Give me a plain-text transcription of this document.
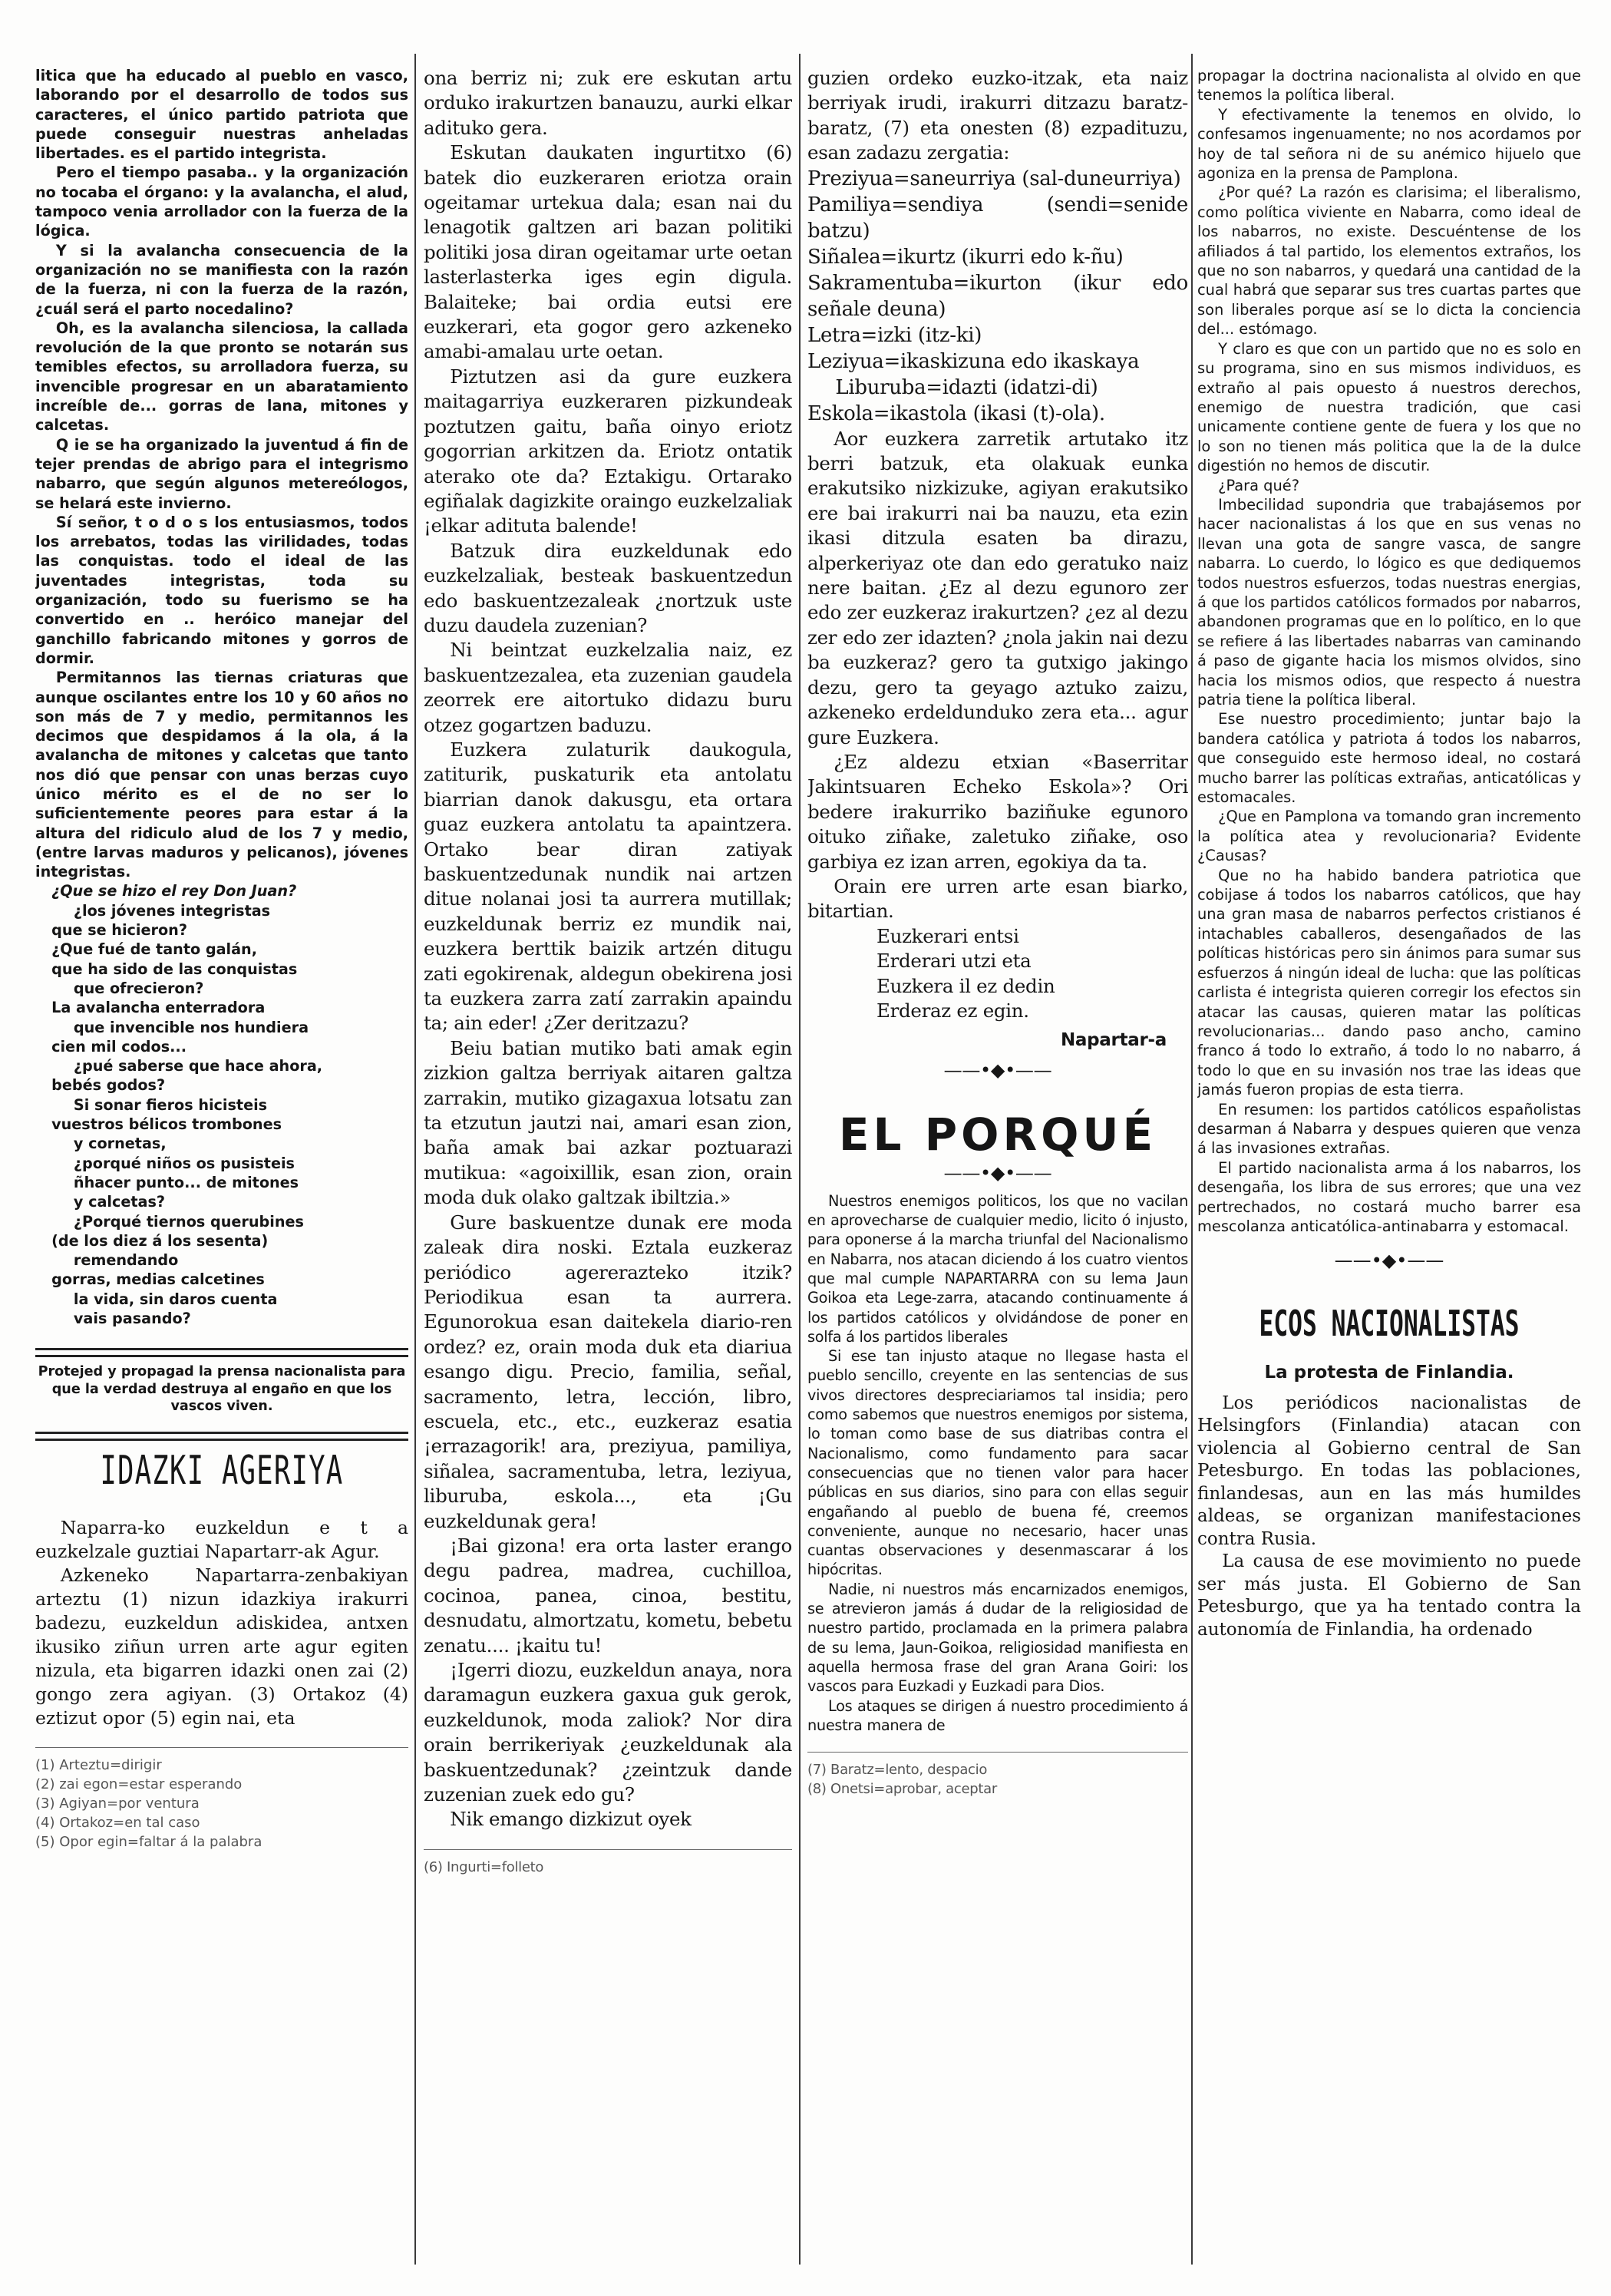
litica que ha educado al pueblo en vasco, laborando por el desarrollo de todos sus caracteres, el único partido patriota que puede conseguir nuestras anheladas libertades. es el partido integrista.

Pero el tiempo pasaba.. y la organización no tocaba el órgano: y la avalancha, el alud, tampoco venia arrollador con la fuerza de la lógica.

Y si la avalancha consecuencia de la organización no se manifiesta con la razón de la fuerza, ni con la fuerza de la razón, ¿cuál será el parto nocedalino?

Oh, es la avalancha silenciosa, la callada revolución de la que pronto se notarán sus temibles efectos, su arrolladora fuerza, su invencible progresar en un abaratamiento increíble de... gorras de lana, mitones y calcetas.

Q ie se ha organizado la juventud á fin de tejer prendas de abrigo para el integrismo nabarro, que según algunos metereólogos, se helará este invierno.

Sí señor, t o d o s los entusiasmos, todos los arrebatos, todas las virilidades, todas las conquistas. todo el ideal de las juventades integristas, toda su organización, todo su fuerismo se ha convertido en .. heróico manejar del ganchillo fabricando mitones y gorros de dormir.

Permitannos las tiernas criaturas que aunque oscilantes entre los 10 y 60 años no son más de 7 y medio, permitannos les decimos que despidamos á la ola, á la avalancha de mitones y calcetas que tanto nos dió que pensar con unas berzas cuyo único mérito es el de no ser lo suficientemente peores para estar á la altura del ridiculo alud de los 7 y medio, (entre larvas maduros y pelicanos), jóvenes integristas.

¿Que se hizo el rey Don Juan?

¿los jóvenes integristas

que se hicieron?

¿Que fué de tanto galán,

que ha sido de las conquistas

que ofrecieron?

La avalancha enterradora

que invencible nos hundiera

cien mil codos...

¿pué saberse que hace ahora,

bebés godos?

Si sonar fieros hicisteis

vuestros bélicos trombones

y cornetas,

¿porqué niños os pusisteis

ñhacer punto... de mitones

y calcetas?

¿Porqué tiernos querubines

(de los diez á los sesenta)

remendando

gorras, medias calcetines

la vida, sin daros cuenta

vais pasando?

Protejed y propagad la prensa nacionalista para que la verdad destruya al engaño en que los vascos viven.

IDAZKI AGERIYA

Naparra-ko euzkeldun e t a euzkelzale guztiai Napartarr-ak Agur.

Azkeneko Napartarra-zenbakiyan arteztu (1) nizun idazkiya irakurri badezu, euzkeldun adiskidea, antxen ikusiko ziñun urren arte agur egiten nizula, eta bigarren idazki onen zai (2) gongo zera agiyan. (3) Ortakoz (4) eztizut opor (5) egin nai, eta

(1) Arteztu=dirigir

(2) zai egon=estar esperando

(3) Agiyan=por ventura

(4) Ortakoz=en tal caso

(5) Opor egin=faltar á la palabra

ona berriz ni; zuk ere eskutan artu orduko irakurtzen banauzu, aurki elkar adituko gera.

Eskutan daukaten ingurtitxo (6) batek dio euzkeraren eriotza orain ogeitamar urtekua dala; esan nai du lenagotik galtzen ari bazan politiki politiki josa diran ogeitamar urte oetan lasterlasterka iges egin digula. Balaiteke; bai ordia eutsi ere euzkerari, eta gogor gero azkeneko amabi-amalau urte oetan.

Piztutzen asi da gure euzkera maitagarriya euzkeraren pizkundeak poztutzen gaitu, baña oinyo eriotz gogorrian arkitzen da. Eriotz ontatik aterako ote da? Eztakigu. Ortarako egiñalak dagizkite oraingo euzkelzaliak ¡elkar adituta balende!

Batzuk dira euzkeldunak edo euzkelzaliak, besteak baskuentzedun edo baskuentzezaleak ¿nortzuk uste duzu daudela zuzenian?

Ni beintzat euzkelzalia naiz, ez baskuentzezalea, eta zuzenian gaudela zeorrek ere aitortuko didazu buru otzez gogartzen baduzu.

Euzkera zulaturik daukogula, zatiturik, puskaturik eta antolatu biarrian danok dakusgu, eta ortara guaz euzkera antolatu ta apaintzera. Ortako bear diran zatiyak baskuentzedunak nundik nai artzen dituе nolanai josi ta aurrera mutillak; euzkeldunak berriz ez mundik nai, euzkera berttik baizik artzén ditugu zati egokirenak, aldegun obekirena josi ta euzkera zarra zatí zarrakin apaindu ta; ain eder! ¿Zer deritzazu?

Beiu batian mutiko bati amak egin zizkion galtza berriyak aitaren galtza zarrakin, mutiko gizagaxua lotsatu zan ta etzutun jautzi nai, amari esan zion, baña amak bai azkar poztuarazi mutikua: «agoixillik, esan zion, orain moda duk olako galtzak ibiltzia.»

Gure baskuentze dunak ere moda zaleak dira noski. Eztala euzkeraz periódico agererazteko itzik? Periodikua esan ta aurrera. Egunorokua esan daitekela diario-ren ordez? ez, orain moda duk eta diariua esango digu. Precio, familia, señal, sacramento, letra, lección, libro, escuela, etc., etc., euzkeraz esatia ¡errazagorik! ara, preziyua, pamiliya, siñalea, sacramentuba, letra, leziyua, liburuba, eskola..., eta ¡Gu euzkeldunak gera!

¡Bai gizona! era orta laster erango degu padrea, madrea, cuchilloa, cocinoa, panea, cinoa, bestitu, desnudatu, almortzatu, kometu, bebetu zenatu.... ¡kaitu tu!

¡Igerri diozu, euzkeldun anaya, nora daramagun euzkera gaxua guk gerok, euzkeldunok, moda zaliok? Nor dira orain berrikeriyak ¿euzkeldunak ala baskuentzedunak? ¿zeintzuk dande zuzenian zuek edo gu?

Nik emango dizkizut oyek

(6) Ingurti=folleto

guzien ordeko euzko-itzak, eta naiz berriyak irudi, irakurri ditzazu baratz-baratz, (7) eta onesten (8) ezpadituzu, esan zadazu zergatia:

Preziyua=saneurriya (sal-duneurriya)

Pamiliya=sendiya (sendi=senide batzu)

Siñalea=ikurtz (ikurri edo k-ñu)

Sakramentuba=ikurton (ikur edo señale deuna)

Letra=izki (itz-ki)

Leziyua=ikaskizuna edo ikaskaya

Liburuba=idazti (idatzi-di)

Eskola=ikastola (ikasi (t)-ola).

Aor euzkera zarretik artutako itz berri batzuk, eta olakuak eunka erakutsiko nizkizuke, agiyan erakutsiko ere bai irakurri nai ba nauzu, eta ezin ikasi ditzula esaten ba dirazu, alperkeriyaz ote dan edo geratuko naiz nere baitan. ¿Ez al dezu egunoro zer edo zer euzkeraz irakurtzen? ¿ez al dezu zer edo zer idazten? ¿nola jakin nai dezu ba euzkeraz? gero ta gutxigo jakingo dezu, gero ta geyago aztuko zaizu, azkeneko erdeldunduko zera eta... agur gure Euzkera.

¿Ez aldezu etxian «Baserritar Jakintsuaren Echeko Eskola»? Ori bedere irakurriko baziñuke egunoro oituko ziñake, zaletuko ziñake, oso garbiya ez izan arren, egokiya da ta.

Orain ere urren arte esan biarko, bitartian.

Euzkerari entsi

Erderari utzi eta

Euzkera il ez dedin

Erderaz ez egin.

Napartar-a

——•◆•——
EL PORQUÉ
——•◆•——

Nuestros enemigos politicos, los que no vacilan en aprovecharse de cualquier medio, licito ó injusto, para oponerse á la marcha triunfal del Nacionalismo en Nabarra, nos atacan diciendo á los cuatro vientos que mal cumple NAPARTARRA con su lema Jaun Goikoa eta Lege-zarra, atacando continuamente á los partidos católicos y olvidándose de poner en solfa á los partidos liberales

Si ese tan injusto ataque no llegase hasta el pueblo sencillo, creyente en las sentencias de sus vivos directores despreciariamos tal insidia; pero como sabemos que nuestros enemigos por sistema, lo toman como base de sus diatribas contra el Nacionalismo, como fundamento para sacar consecuencias que no tienen valor para hacer públicas en sus diarios, sino para con ellas seguir engañando al pueblo de buena fé, creemos conveniente, aunque no necesario, hacer unas cuantas observaciones y desenmascarar á los hipócritas.

Nadie, ni nuestros más encarnizados enemigos, se atrevieron jamás á dudar de la religiosidad de nuestro partido, proclamada en la primera palabra de su lema, Jaun-Goikoa, religiosidad manifiesta en aquella hermosa frase del gran Arana Goiri: los vascos para Euzkadi y Euzkadi para Dios.

Los ataques se dirigen á nuestro procedimiento á nuestra manera de

(7) Baratz=lento, despacio

(8) Onetsi=aprobar, aceptar

propagar la doctrina nacionalista al olvido en que tenemos la política liberal.

Y efectivamente la tenemos en olvido, lo confesamos ingenuamente; no nos acordamos por hoy de tal señora ni de su anémico hijuelo que agoniza en la prensa de Pamplona.

¿Por qué? La razón es clarisima; el liberalismo, como política viviente en Nabarra, como ideal de los nabarros, no existe. Descuéntense de los afiliados á tal partido, los elementos extraños, los que no son nabarros, y quedará una cantidad de la cual habrá que separar sus tres cuartas partes que son liberales porque así se lo dicta la conciencia del... estómago.

Y claro es que con un partido que no es solo en su programa, sino en sus mismos individuos, es extraño al pais opuesto á nuestros derechos, enemigo de nuestra tradición, que casi unicamente contiene gente de fuera y los que no lo son no tienen más politica que la de la dulce digestión no hemos de discutir.

¿Para qué?

Imbecilidad supondria que trabajásemos por hacer nacionalistas á los que en sus venas no llevan una gota de sangre vasca, de sangre nabarra. Lo cuerdo, lo lógico es que dediquemos todos nuestros esfuerzos, todas nuestras energias, á que los partidos católicos formados por nabarros, abandonen programas que en lo político, en lo que se refiere á las libertades nabarras van caminando á paso de gigante hacia los mismos olvidos, sino hacia los mismos odios, que respecto á nuestra patria tiene la política liberal.

Ese nuestro procedimiento; juntar bajo la bandera católica y patriota á todos los nabarros, que conseguido este hermoso ideal, no costará mucho barrer las políticas extrañas, anticatólicas y estomacales.

¿Que en Pamplona va tomando gran incremento la política atea y revolucionaria? Evidente ¿Causas?

Que no ha habido bandera patriotica que cobijase á todos los nabarros católicos, que hay una gran masa de nabarros perfectos cristianos é intachables caballeros, desengañados de las políticas históricas pero sin ánimos para sumar sus esfuerzos á ningún ideal de lucha: que las políticas carlista é integrista quieren corregir los efectos sin atacar las causas, quieren matar las políticas revolucionarias... dando paso ancho, camino franco á todo lo extraño, á todo lo no nabarro, á todo lo que en su invasión nos trae las ideas que jamás fueron propias de esta tierra.

En resumen: los partidos católicos españolistas desarman á Nabarra y despues quieren que venza á las invasiones extrañas.

El partido nacionalista arma á los nabarros, los desengaña, los libra de sus errores; que una vez pertrechados, no costará mucho barrer esa mescolanza anticatólica-antinabarra y estomacal.

——•◆•——
ECOS NACIONALISTAS

La protesta de Finlandia.

Los periódicos nacionalistas de Helsingfors (Finlandia) atacan con violencia al Gobierno central de San Petesburgo. En todas las poblaciones, finlandesas, aun en las más humildes aldeas, se organizan manifestaciones contra Rusia.

La causa de ese movimiento no puede ser más justa. El Gobierno de San Petesburgo, que ya ha tentado contra la autonomía de Finlandia, ha ordenado
